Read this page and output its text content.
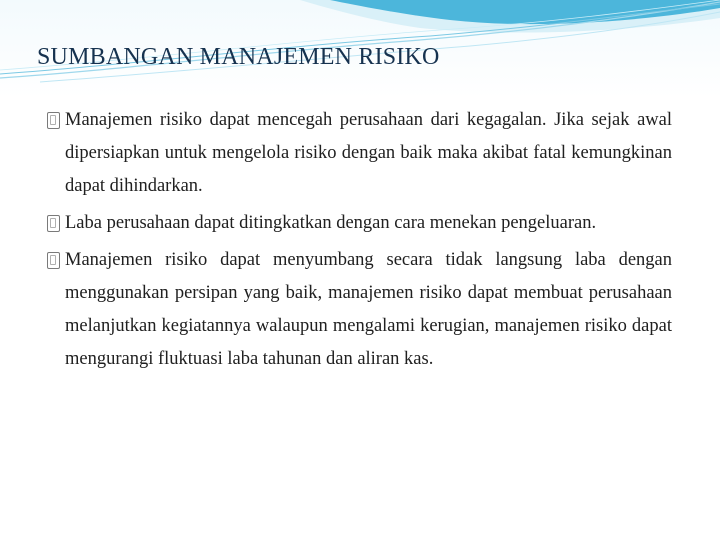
SUMBANGAN MANAJEMEN RISIKO

Manajemen risiko dapat mencegah perusahaan dari kegagalan. Jika sejak awal dipersiapkan untuk mengelola risiko dengan baik maka akibat fatal kemungkinan dapat dihindarkan.

Laba perusahaan dapat ditingkatkan dengan cara menekan pengeluaran.

Manajemen risiko dapat menyumbang secara tidak langsung laba dengan menggunakan persipan yang baik, manajemen risiko dapat membuat perusahaan melanjutkan kegiatannya walaupun mengalami kerugian, manajemen risiko dapat mengurangi fluktuasi laba tahunan dan aliran kas.
